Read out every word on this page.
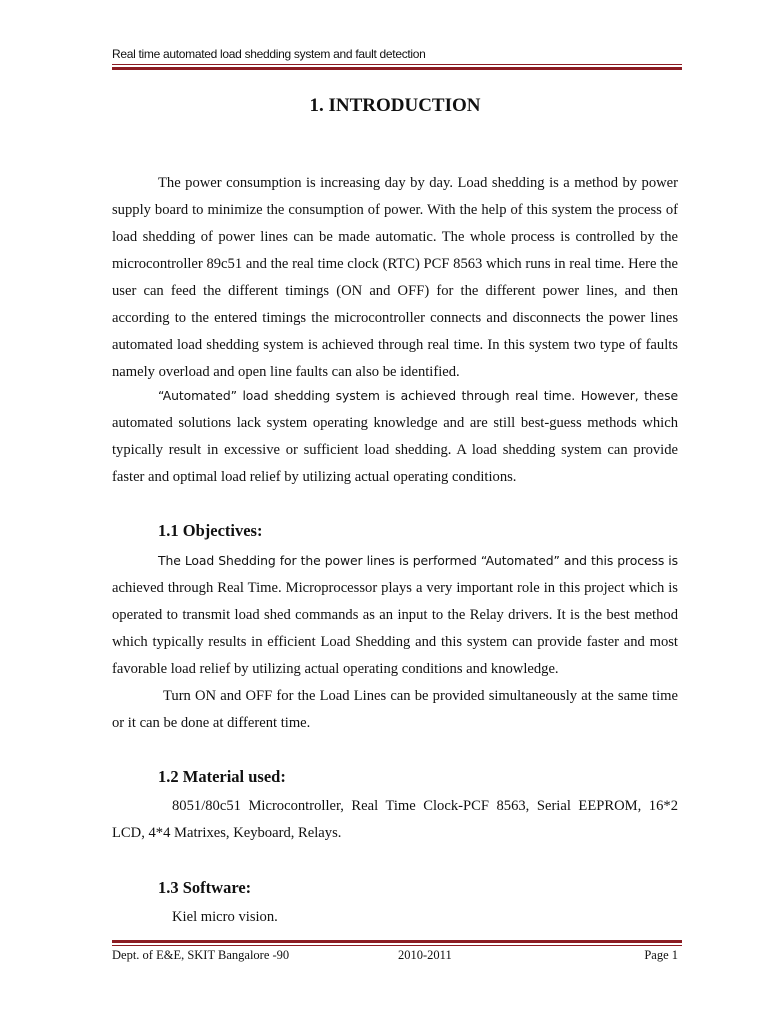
Real time automated load shedding system and fault detection
1. INTRODUCTION

The power consumption is increasing day by day. Load shedding is a method by power supply board to minimize the consumption of power. With the help of this system the process of load shedding of power lines can be made automatic. The whole process is controlled by the microcontroller 89c51 and the real time clock (RTC) PCF 8563 which runs in real time. Here the user can feed the different timings (ON and OFF) for the different power lines, and then according to the entered timings the microcontroller connects and disconnects the power lines automated load shedding system is achieved through real time. In this system two type of faults namely overload and open line faults can also be identified.

“Automated” load shedding system is achieved through real time. However, these automated solutions lack system operating knowledge and are still best-guess methods which typically result in excessive or sufficient load shedding. A load shedding system can provide faster and optimal load relief by utilizing actual operating conditions.

1.1 Objectives:

The Load Shedding for the power lines is performed “Automated” and this process is achieved through Real Time. Microprocessor plays a very important role in this project which is operated to transmit load shed commands as an input to the Relay drivers. It is the best method which typically results in efficient Load Shedding and this system can provide faster and most favorable load relief by utilizing actual operating conditions and knowledge.

Turn ON and OFF for the Load Lines can be provided simultaneously at the same time or it can be done at different time.

1.2 Material used:

8051/80c51 Microcontroller, Real Time Clock-PCF 8563, Serial EEPROM, 16*2 LCD, 4*4 Matrixes, Keyboard, Relays.

1.3 Software:

Kiel micro vision.

Dept. of E&E, SKIT Bangalore -90	2010-2011	Page 1
